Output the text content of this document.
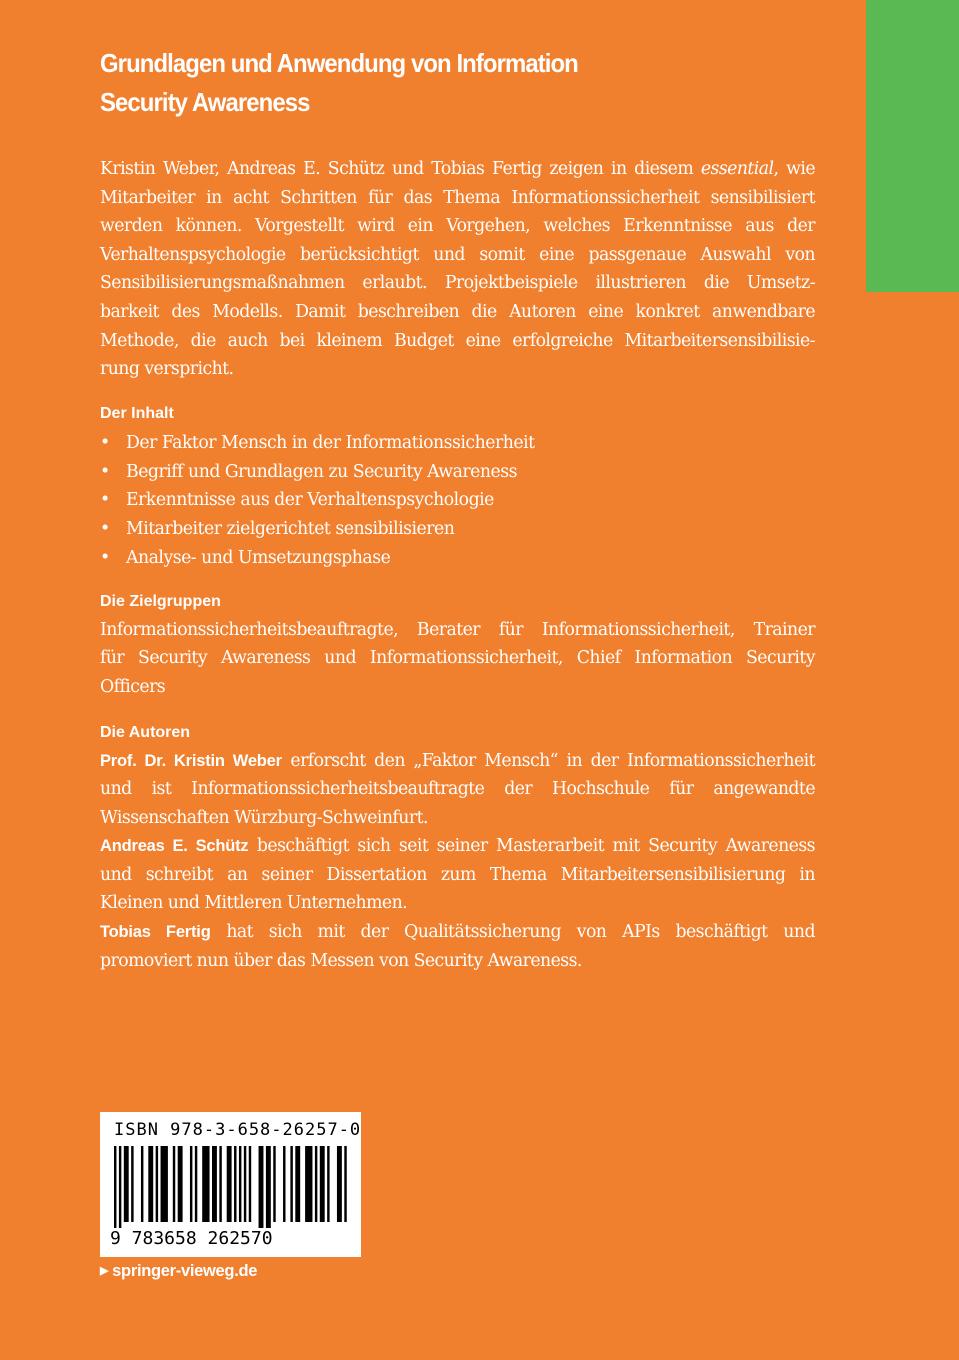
Grundlagen und Anwendung von Information
Security Awareness
Kristin Weber, Andreas E. Schütz und Tobias Fertig zeigen in diesem essential, wie
Mitarbeiter in acht Schritten für das Thema Informationssicherheit sensibilisiert
werden können. Vorgestellt wird ein Vorgehen, welches Erkenntnisse aus der
Verhaltenspsychologie berücksichtigt und somit eine passgenaue Auswahl von
Sensibilisierungsmaßnahmen erlaubt. Projektbeispiele illustrieren die Umsetz-
barkeit des Modells. Damit beschreiben die Autoren eine konkret anwendbare
Methode, die auch bei kleinem Budget eine erfolgreiche Mitarbeitersensibilisie-
rung verspricht.
Der Inhalt
• Der Faktor Mensch in der Informationssicherheit
• Begriff und Grundlagen zu Security Awareness
• Erkenntnisse aus der Verhaltenspsychologie
• Mitarbeiter zielgerichtet sensibilisieren
• Analyse- und Umsetzungsphase
Die Zielgruppen
Informationssicherheitsbeauftragte, Berater für Informationssicherheit, Trainer
für Security Awareness und Informationssicherheit, Chief Information Security
Officers
Die Autoren
Prof. Dr. Kristin Weber erforscht den „Faktor Mensch“ in der Informationssicherheit
und ist Informationssicherheitsbeauftragte der Hochschule für angewandte
Wissenschaften Würzburg-Schweinfurt.
Andreas E. Schütz beschäftigt sich seit seiner Masterarbeit mit Security Awareness
und schreibt an seiner Dissertation zum Thema Mitarbeitersensibilisierung in
Kleinen und Mittleren Unternehmen.
Tobias Fertig hat sich mit der Qualitätssicherung von APIs beschäftigt und
promoviert nun über das Messen von Security Awareness.
ISBN 978-3-658-26257-0
9 783658 262570
▶ springer-vieweg.de
